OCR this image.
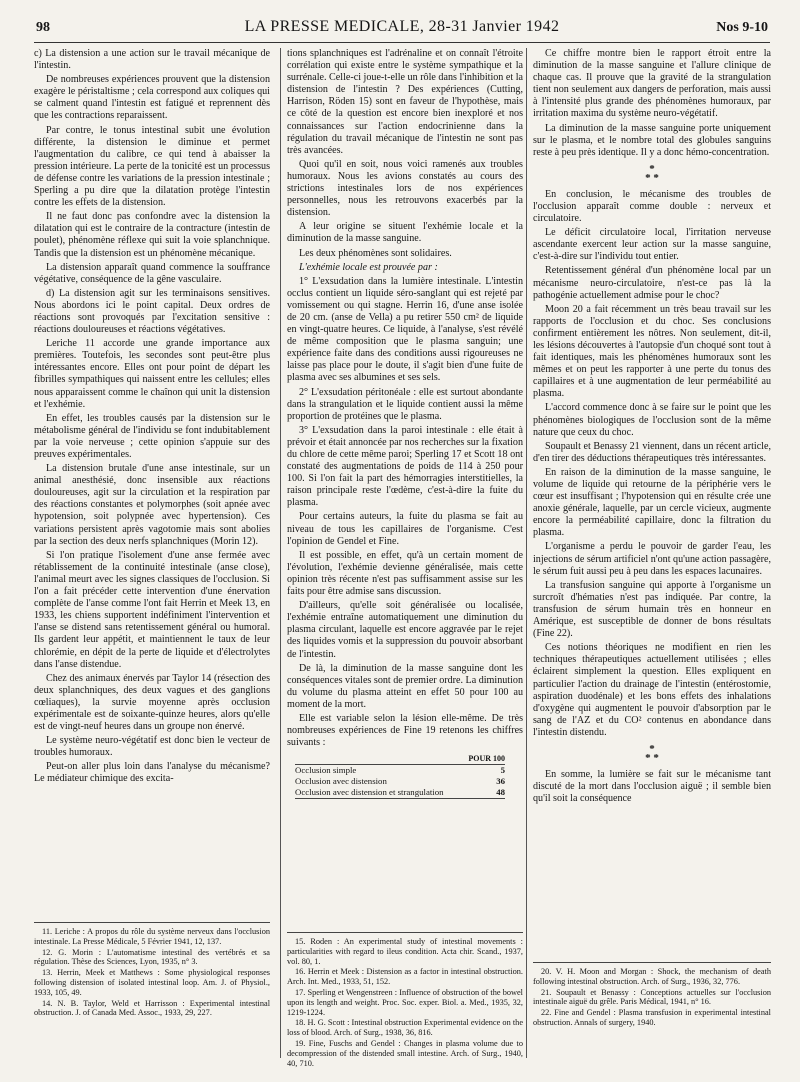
98	LA PRESSE MEDICALE, 28-31 Janvier 1942	Nos 9-10

c) La distension a une action sur le travail mécanique de l'intestin.

De nombreuses expériences prouvent que la distension exagère le péristaltisme ; cela correspond aux coliques qui se calment quand l'intestin est fatigué et reprennent dès que les contractions reparaissent.

Par contre, le tonus intestinal subit une évolution différente, la distension le diminue et permet l'augmentation du calibre, ce qui tend à abaisser la pression intérieure. La perte de la tonicité est un processus de défense contre les variations de la pression intestinale ; Sperling a pu dire que la dilatation protège l'intestin contre les effets de la distension.

Il ne faut donc pas confondre avec la distension la dilatation qui est le contraire de la contracture (intestin de poulet), phénomène réflexe qui suit la voie splanchnique. Tandis que la distension est un phénomène mécanique.

La distension apparaît quand commence la souffrance végétative, conséquence de la gêne vasculaire.

d) La distension agit sur les terminaisons sensitives. Nous abordons ici le point capital. Deux ordres de réactions sont provoqués par l'excitation sensitive : réactions douloureuses et réactions végétatives.

Leriche 11 accorde une grande importance aux premières. Toutefois, les secondes sont peut-être plus intéressantes encore. Elles ont pour point de départ les fibrilles sympathiques qui naissent entre les cellules; elles nous apparaissent comme le chaînon qui unit la distension et l'exhémie.

En effet, les troubles causés par la distension sur le métabolisme général de l'individu se font indubitablement par la voie nerveuse ; cette opinion s'appuie sur des preuves expérimentales.

La distension brutale d'une anse intestinale, sur un animal anesthésié, donc insensible aux réactions douloureuses, agit sur la circulation et la respiration par des réactions constantes et polymorphes (soit apnée avec hypotension, soit polypnée avec hypertension). Ces variations persistent après vagotomie mais sont abolies par la section des deux nerfs splanchniques (Morin 12).

Si l'on pratique l'isolement d'une anse fermée avec rétablissement de la continuité intestinale (anse close), l'animal meurt avec les signes classiques de l'occlusion. Si l'on a fait précéder cette intervention d'une énervation complète de l'anse comme l'ont fait Herrin et Meek 13, en 1933, les chiens supportent indéfiniment l'intervention et l'anse se distend sans retentissement général ou humoral. Ils gardent leur appétit, et maintiennent le taux de leur chlorémie, en dépit de la perte de liquide et d'électrolytes dans l'anse distendue.

Chez des animaux énervés par Taylor 14 (résection des deux splanchniques, des deux vagues et des ganglions cœliaques), la survie moyenne après occlusion expérimentale est de soixante-quinze heures, alors qu'elle est de vingt-neuf heures dans un groupe non énervé.

Le système neuro-végétatif est donc bien le vecteur de troubles humoraux.

Peut-on aller plus loin dans l'analyse du mécanisme? Le médiateur chimique des excita-

11. Leriche : A propos du rôle du système nerveux dans l'occlusion intestinale. La Presse Médicale, 5 Février 1941, 12, 137.

12. G. Morin : L'automatisme intestinal des vertébrés et sa régulation. Thèse des Sciences, Lyon, 1935, n° 3.

13. Herrin, Meek et Matthews : Some physiological responses following distension of isolated intestinal loop. Am. J. of Physiol., 1933, 105, 49.

14. N. B. Taylor, Weld et Harrisson : Experimental intestinal obstruction. J. of Canada Med. Assoc., 1933, 29, 227.

tions splanchniques est l'adrénaline et on connaît l'étroite corrélation qui existe entre le système sympathique et la surrénale. Celle-ci joue-t-elle un rôle dans l'inhibition et la distension de l'intestin ? Des expériences (Cutting, Harrison, Röden 15) sont en faveur de l'hypothèse, mais ce côté de la question est encore bien inexploré et nos connaissances sur l'action endocrinienne dans la régulation du travail mécanique de l'intestin ne sont pas très avancées.

Quoi qu'il en soit, nous voici ramenés aux troubles humoraux. Nous les avions constatés au cours des strictions intestinales lors de nos expériences personnelles, nous les retrouvons exacerbés par la distension.

A leur origine se situent l'exhémie locale et la diminution de la masse sanguine.

Les deux phénomènes sont solidaires.

L'exhémie locale est prouvée par :

1° L'exsudation dans la lumière intestinale. L'intestin occlus contient un liquide séro-sanglant qui est rejeté par vomissement ou qui stagne. Herrin 16, d'une anse isolée de 20 cm. (anse de Vella) a pu retirer 550 cm² de liquide en vingt-quatre heures. Ce liquide, à l'analyse, s'est révélé de même composition que le plasma sanguin; une expérience faite dans des conditions aussi rigoureuses ne laisse pas place pour le doute, il s'agit bien d'une fuite de plasma avec ses albumines et ses sels.

2° L'exsudation péritonéale : elle est surtout abondante dans la strangulation et le liquide contient aussi la même proportion de protéines que le plasma.

3° L'exsudation dans la paroi intestinale : elle était à prévoir et était annoncée par nos recherches sur la fixation du chlore de cette même paroi; Sperling 17 et Scott 18 ont constaté des augmentations de poids de 114 à 250 pour 100. Si l'on fait la part des hémorragies interstitielles, la raison principale reste l'œdème, c'est-à-dire la fuite du plasma.

Pour certains auteurs, la fuite du plasma se fait au niveau de tous les capillaires de l'organisme. C'est l'opinion de Gendel et Fine.

Il est possible, en effet, qu'à un certain moment de l'évolution, l'exhémie devienne généralisée, mais cette opinion très récente n'est pas suffisamment assise sur les faits pour être admise sans discussion.

D'ailleurs, qu'elle soit généralisée ou localisée, l'exhémie entraîne automatiquement une diminution du plasma circulant, laquelle est encore aggravée par le rejet des liquides vomis et la suppression du pouvoir absorbant de l'intestin.

De là, la diminution de la masse sanguine dont les conséquences vitales sont de premier ordre. La diminution du volume du plasma atteint en effet 50 pour 100 au moment de la mort.

Elle est variable selon la lésion elle-même. De très nombreuses expériences de Fine 19 retenons les chiffres suivants :

POUR 100
Occlusion simple	5
Occlusion avec distension	36
Occlusion avec distension et strangulation	48

15. Roden : An experimental study of intestinal movements : particularities with regard to ileus condition. Acta chir. Scand., 1937, vol. 80, 1.

16. Herrin et Meek : Distension as a factor in intestinal obstruction. Arch. Int. Med., 1933, 51, 152.

17. Sperling et Wengenstreen : Influence of obstruction of the bowel upon its length and weight. Proc. Soc. exper. Biol. a. Med., 1935, 32, 1219-1224.

18. H. G. Scott : Intestinal obstruction Experimental evidence on the loss of blood. Arch. of Surg., 1938, 36, 816.

19. Fine, Fuschs and Gendel : Changes in plasma volume due to decompression of the distended small intestine. Arch. of Surg., 1940, 40, 710.

Ce chiffre montre bien le rapport étroit entre la diminution de la masse sanguine et l'allure clinique de chaque cas. Il prouve que la gravité de la strangulation tient non seulement aux dangers de perforation, mais aussi à l'intensité plus grande des phénomènes humoraux, par irritation maxima du système neuro-végétatif.

La diminution de la masse sanguine porte uniquement sur le plasma, et le nombre total des globules sanguins reste à peu près identique. Il y a donc hémo-concentration.

*
* *

En conclusion, le mécanisme des troubles de l'occlusion apparaît comme double : nerveux et circulatoire.

Le déficit circulatoire local, l'irritation nerveuse ascendante exercent leur action sur la masse sanguine, c'est-à-dire sur l'individu tout entier.

Retentissement général d'un phénomène local par un mécanisme neuro-circulatoire, n'est-ce pas là la pathogénie actuellement admise pour le choc?

Moon 20 a fait récemment un très beau travail sur les rapports de l'occlusion et du choc. Ses conclusions confirment entièrement les nôtres. Non seulement, dit-il, les lésions découvertes à l'autopsie d'un choqué sont tout à fait identiques, mais les phénomènes humoraux sont les mêmes et on peut les rapporter à une perte du tonus des capillaires et à une augmentation de leur perméabilité au plasma.

L'accord commence donc à se faire sur le point que les phénomènes biologiques de l'occlusion sont de la même nature que ceux du choc.

Soupault et Benassy 21 viennent, dans un récent article, d'en tirer des déductions thérapeutiques très intéressantes.

En raison de la diminution de la masse sanguine, le volume de liquide qui retourne de la périphérie vers le cœur est insuffisant ; l'hypotension qui en résulte crée une anoxie générale, laquelle, par un cercle vicieux, augmente encore la perméabilité capillaire, donc la filtration du plasma.

L'organisme a perdu le pouvoir de garder l'eau, les injections de sérum artificiel n'ont qu'une action passagère, le sérum fuit aussi peu à peu dans les espaces lacunaires.

La transfusion sanguine qui apporte à l'organisme un surcroît d'hématies n'est pas indiquée. Par contre, la transfusion de sérum humain très en honneur en Amérique, est susceptible de donner de bons résultats (Fine 22).

Ces notions théoriques ne modifient en rien les techniques thérapeutiques actuellement utilisées ; elles éclairent simplement la question. Elles expliquent en particulier l'action du drainage de l'intestin (entérostomie, aspiration duodénale) et les bons effets des inhalations d'oxygène qui augmentent le pouvoir d'absorption par le sang de l'AZ et du CO² contenus en abondance dans l'intestin distendu.

*
* *

En somme, la lumière se fait sur le mécanisme tant discuté de la mort dans l'occlusion aiguë ; il semble bien qu'il soit la conséquence

20. V. H. Moon and Morgan : Shock, the mechanism of death following intestinal obstruction. Arch. of Surg., 1936, 32, 776.

21. Soupault et Benassy : Conceptions actuelles sur l'occlusion intestinale aiguë du grêle. Paris Médical, 1941, n° 16.

22. Fine and Gendel : Plasma transfusion in experimental intestinal obstruction. Annals of surgery, 1940.
